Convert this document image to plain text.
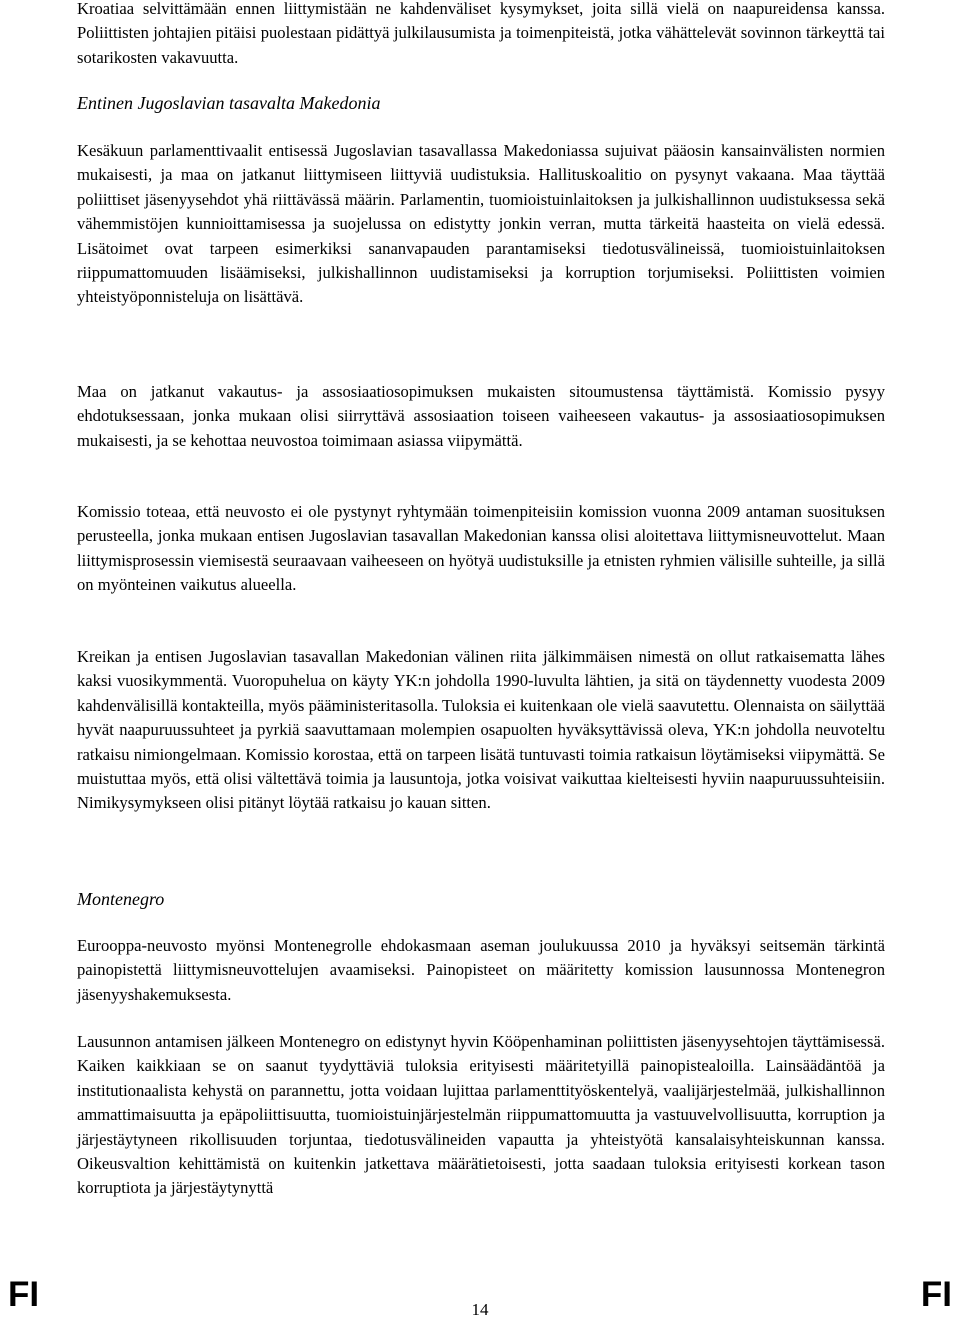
Kroatiaa selvittämään ennen liittymistään ne kahdenväliset kysymykset, joita sillä vielä on naapureidensa kanssa. Poliittisten johtajien pitäisi puolestaan pidättyä julkilausumista ja toimenpiteistä, jotka vähättelevät sovinnon tärkeyttä tai sotarikosten vakavuutta.

Entinen Jugoslavian tasavalta Makedonia

Kesäkuun parlamenttivaalit entisessä Jugoslavian tasavallassa Makedoniassa sujuivat pääosin kansainvälisten normien mukaisesti, ja maa on jatkanut liittymiseen liittyviä uudistuksia. Hallituskoalitio on pysynyt vakaana. Maa täyttää poliittiset jäsenyysehdot yhä riittävässä määrin. Parlamentin, tuomioistuinlaitoksen ja julkishallinnon uudistuksessa sekä vähemmistöjen kunnioittamisessa ja suojelussa on edistytty jonkin verran, mutta tärkeitä haasteita on vielä edessä. Lisätoimet ovat tarpeen esimerkiksi sananvapauden parantamiseksi tiedotusvälineissä, tuomioistuinlaitoksen riippumattomuuden lisäämiseksi, julkishallinnon uudistamiseksi ja korruption torjumiseksi. Poliittisten voimien yhteistyöponnisteluja on lisättävä.

Maa on jatkanut vakautus- ja assosiaatiosopimuksen mukaisten sitoumustensa täyttämistä. Komissio pysyy ehdotuksessaan, jonka mukaan olisi siirryttävä assosiaation toiseen vaiheeseen vakautus- ja assosiaatiosopimuksen mukaisesti, ja se kehottaa neuvostoa toimimaan asiassa viipymättä.

Komissio toteaa, että neuvosto ei ole pystynyt ryhtymään toimenpiteisiin komission vuonna 2009 antaman suosituksen perusteella, jonka mukaan entisen Jugoslavian tasavallan Makedonian kanssa olisi aloitettava liittymisneuvottelut. Maan liittymisprosessin viemisestä seuraavaan vaiheeseen on hyötyä uudistuksille ja etnisten ryhmien välisille suhteille, ja sillä on myönteinen vaikutus alueella.

Kreikan ja entisen Jugoslavian tasavallan Makedonian välinen riita jälkimmäisen nimestä on ollut ratkaisematta lähes kaksi vuosikymmentä. Vuoropuhelua on käyty YK:n johdolla 1990-luvulta lähtien, ja sitä on täydennetty vuodesta 2009 kahdenvälisillä kontakteilla, myös pääministeritasolla. Tuloksia ei kuitenkaan ole vielä saavutettu. Olennaista on säilyttää hyvät naapuruussuhteet ja pyrkiä saavuttamaan molempien osapuolten hyväksyttävissä oleva, YK:n johdolla neuvoteltu ratkaisu nimiongelmaan. Komissio korostaa, että on tarpeen lisätä tuntuvasti toimia ratkaisun löytämiseksi viipymättä. Se muistuttaa myös, että olisi vältettävä toimia ja lausuntoja, jotka voisivat vaikuttaa kielteisesti hyviin naapuruussuhteisiin. Nimikysymykseen olisi pitänyt löytää ratkaisu jo kauan sitten.

Montenegro

Eurooppa-neuvosto myönsi Montenegrolle ehdokasmaan aseman joulukuussa 2010 ja hyväksyi seitsemän tärkintä painopistettä liittymisneuvottelujen avaamiseksi. Painopisteet on määritetty komission lausunnossa Montenegron jäsenyyshakemuksesta.

Lausunnon antamisen jälkeen Montenegro on edistynyt hyvin Kööpenhaminan poliittisten jäsenyysehtojen täyttämisessä. Kaiken kaikkiaan se on saanut tyydyttäviä tuloksia erityisesti määritetyillä painopistealoilla. Lainsäädäntöä ja institutionaalista kehystä on parannettu, jotta voidaan lujittaa parlamenttityöskentelyä, vaalijärjestelmää, julkishallinnon ammattimaisuutta ja epäpoliittisuutta, tuomioistuinjärjestelmän riippumattomuutta ja vastuuvelvollisuutta, korruption ja järjestäytyneen rikollisuuden torjuntaa, tiedotusvälineiden vapautta ja yhteistyötä kansalaisyhteiskunnan kanssa. Oikeusvaltion kehittämistä on kuitenkin jatkettava määrätietoisesti, jotta saadaan tuloksia erityisesti korkean tason korruptiota ja järjestäytynyttä

FI	14	FI
